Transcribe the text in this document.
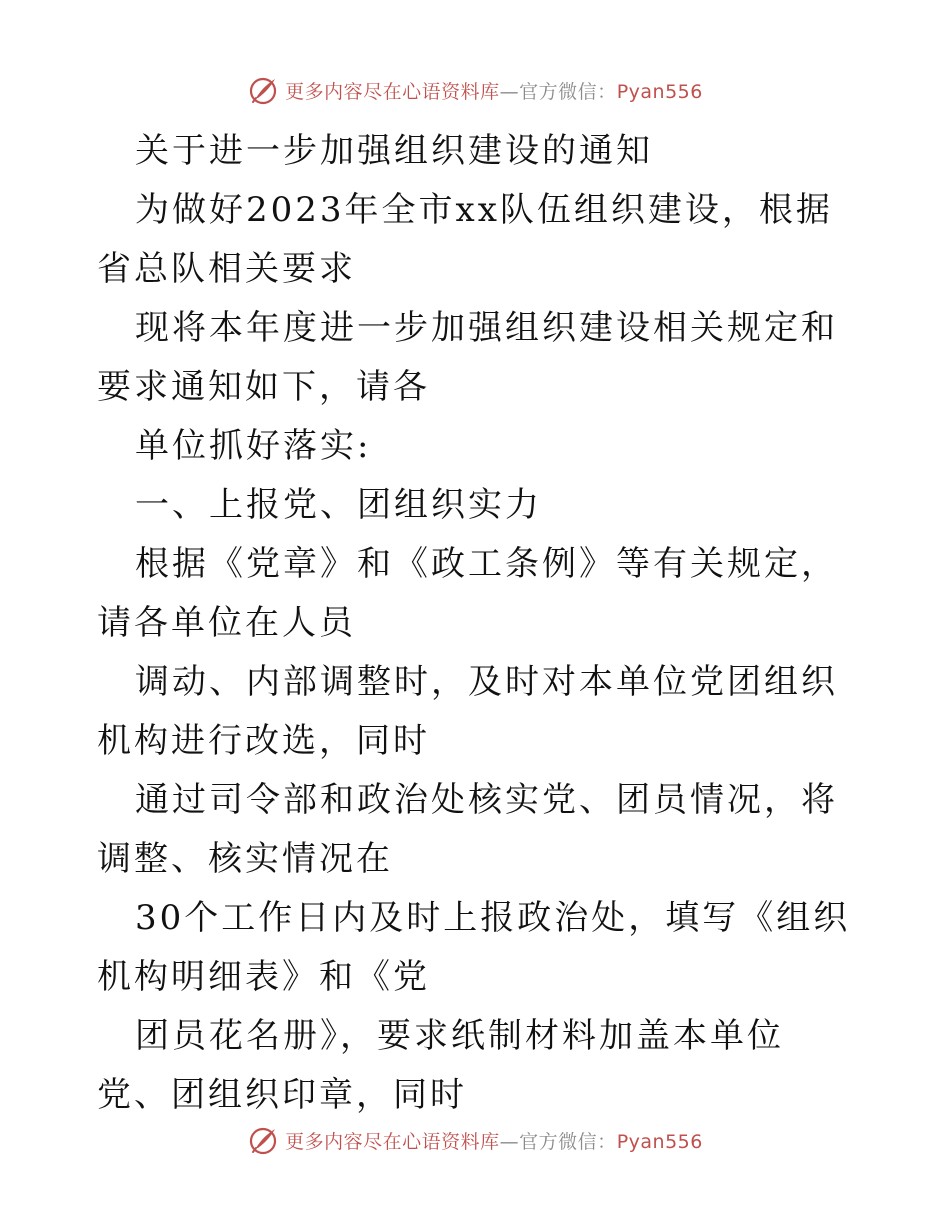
更多内容尽在心语资料库—官方微信：Pyan556

关于进一步加强组织建设的通知

为做好2023年全市xx队伍组织建设，根据省总队相关要求

现将本年度进一步加强组织建设相关规定和要求通知如下，请各

单位抓好落实:

一、上报党、团组织实力

根据《党章》和《政工条例》等有关规定，请各单位在人员

调动、内部调整时，及时对本单位党团组织机构进行改选，同时

通过司令部和政治处核实党、团员情况，将调整、核实情况在

30个工作日内及时上报政治处，填写《组织机构明细表》和《党

团员花名册》，要求纸制材料加盖本单位党、团组织印章，同时

更多内容尽在心语资料库—官方微信：Pyan556
